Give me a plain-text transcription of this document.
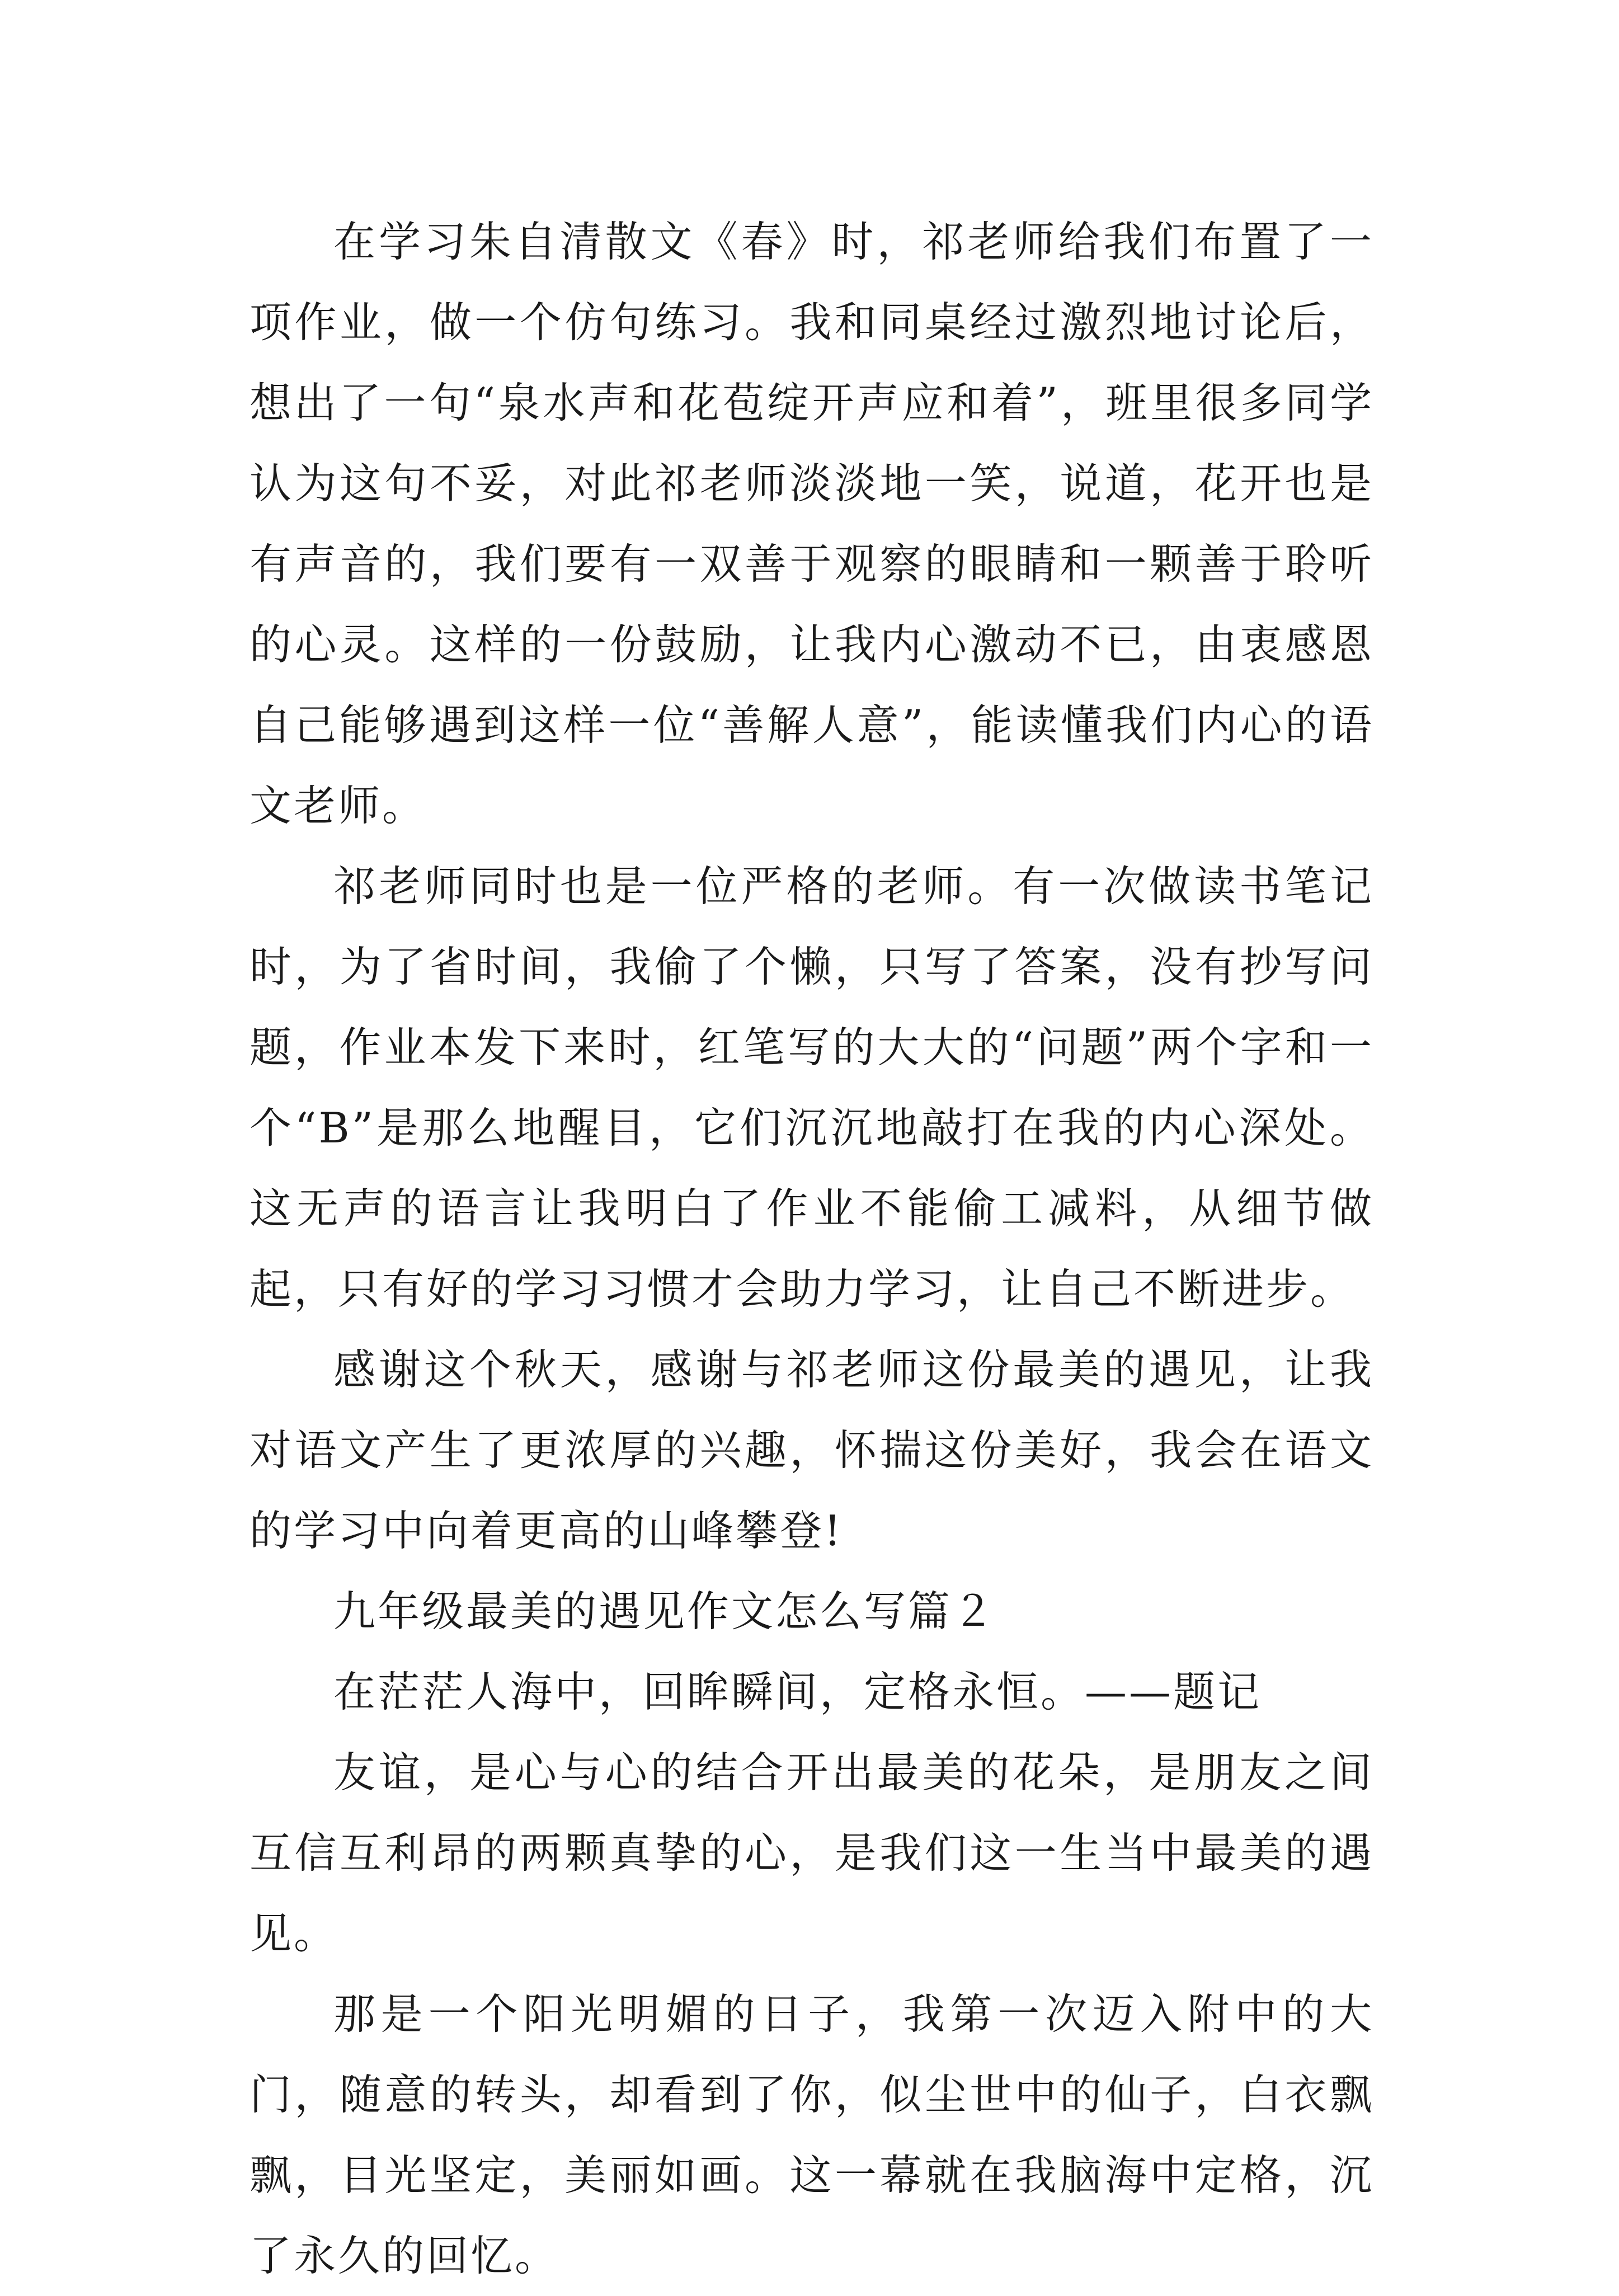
在学习朱自清散文《春》时，祁老师给我们布置了一项作业，做一个仿句练习。我和同桌经过激烈地讨论后，想出了一句“泉水声和花苞绽开声应和着”，班里很多同学认为这句不妥，对此祁老师淡淡地一笑，说道，花开也是有声音的，我们要有一双善于观察的眼睛和一颗善于聆听的心灵。这样的一份鼓励，让我内心激动不已，由衷感恩自己能够遇到这样一位“善解人意”，能读懂我们内心的语文老师。

祁老师同时也是一位严格的老师。有一次做读书笔记时，为了省时间，我偷了个懒，只写了答案，没有抄写问题，作业本发下来时，红笔写的大大的“问题”两个字和一个“B”是那么地醒目，它们沉沉地敲打在我的内心深处。这无声的语言让我明白了作业不能偷工减料，从细节做起，只有好的学习习惯才会助力学习，让自己不断进步。

感谢这个秋天，感谢与祁老师这份最美的遇见，让我对语文产生了更浓厚的兴趣，怀揣这份美好，我会在语文的学习中向着更高的山峰攀登!

九年级最美的遇见作文怎么写篇２

在茫茫人海中，回眸瞬间，定格永恒。——题记

友谊，是心与心的结合开出最美的花朵，是朋友之间互信互利昂的两颗真挚的心，是我们这一生当中最美的遇见。

那是一个阳光明媚的日子，我第一次迈入附中的大门，随意的转头，却看到了你，似尘世中的仙子，白衣飘飘，目光坚定，美丽如画。这一幕就在我脑海中定格，沉了永久的回忆。
